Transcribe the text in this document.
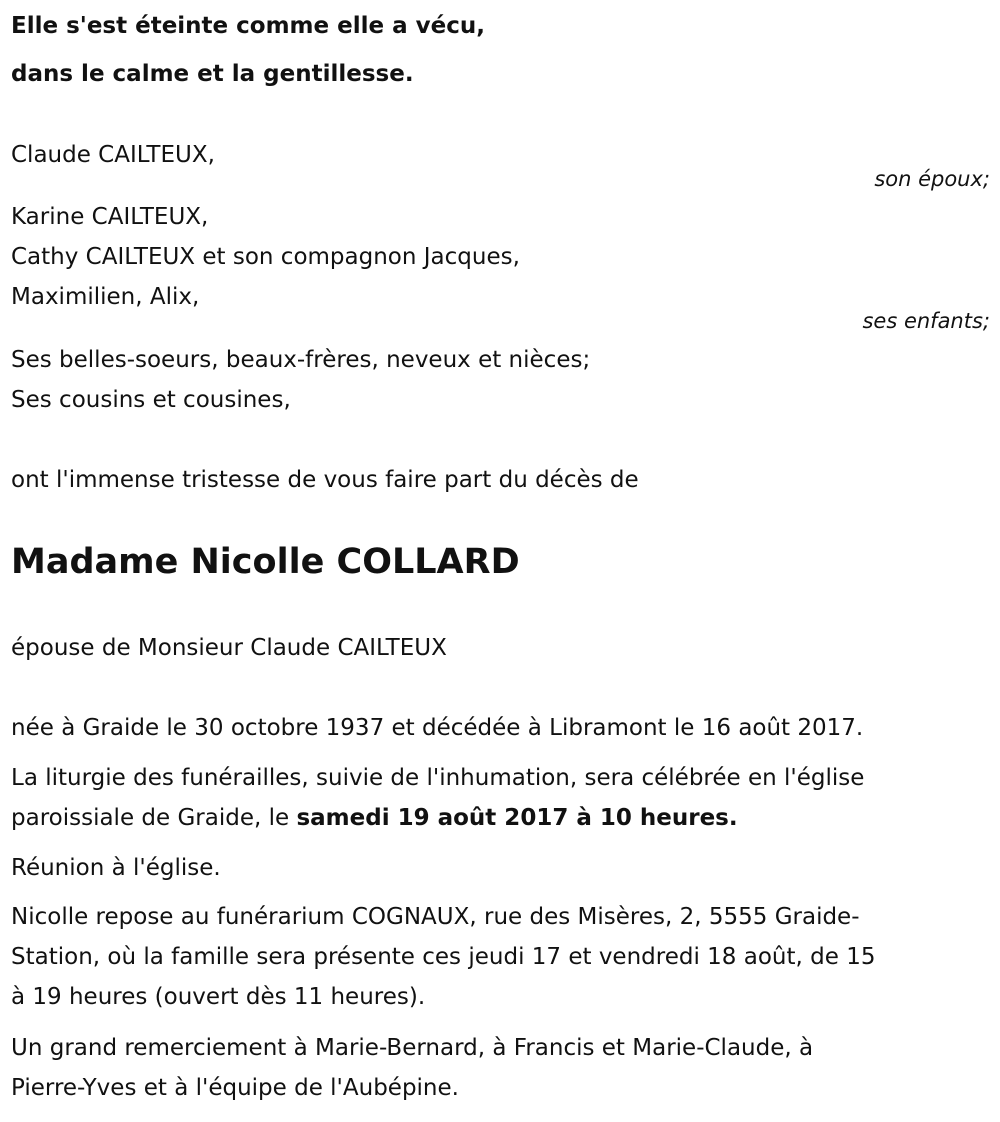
Elle s'est éteinte comme elle a vécu,
dans le calme et la gentillesse.
Claude CAILTEUX,
son époux;
Karine CAILTEUX,
Cathy CAILTEUX et son compagnon Jacques,
Maximilien, Alix,
ses enfants;
Ses belles-soeurs, beaux-frères, neveux et nièces;
Ses cousins et cousines,
ont l'immense tristesse de vous faire part du décès de
Madame Nicolle COLLARD
épouse de Monsieur Claude CAILTEUX
née à Graide le 30 octobre 1937 et décédée à Libramont le 16 août 2017.
La liturgie des funérailles, suivie de l'inhumation, sera célébrée en l'église
paroissiale de Graide, le samedi 19 août 2017 à 10 heures.
Réunion à l'église.
Nicolle repose au funérarium COGNAUX, rue des Misères, 2, 5555 Graide-
Station, où la famille sera présente ces jeudi 17 et vendredi 18 août, de 15
à 19 heures (ouvert dès 11 heures).
Un grand remerciement à Marie-Bernard, à Francis et Marie-Claude, à
Pierre-Yves et à l'équipe de l'Aubépine.
